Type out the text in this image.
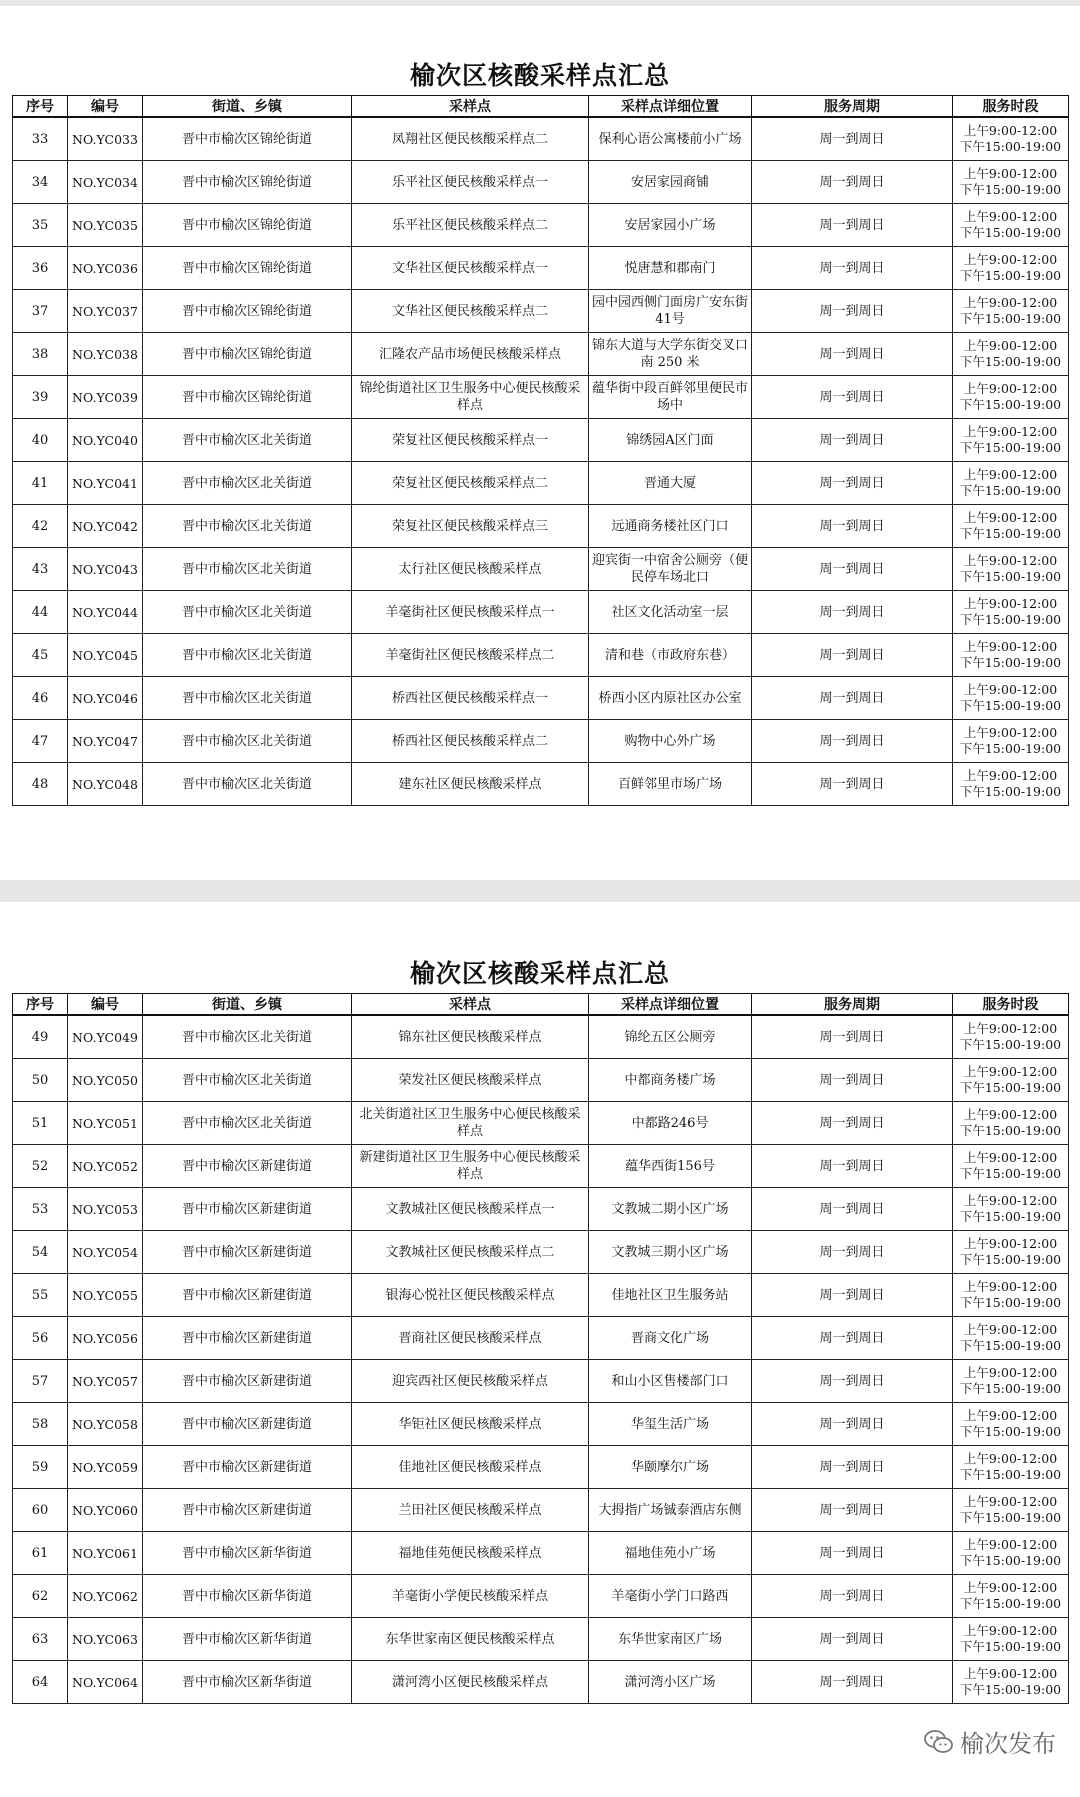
榆次区核酸采样点汇总
序号	编号	街道、乡镇	采样点	采样点详细位置	服务周期	服务时段
33	NO.YC033	晋中市榆次区锦纶街道	凤翔社区便民核酸采样点二	保利心语公寓楼前小广场	周一到周日	上午9:00-12:00
下午15:00-19:00

34	NO.YC034	晋中市榆次区锦纶街道	乐平社区便民核酸采样点一	安居家园商铺	周一到周日	上午9:00-12:00
下午15:00-19:00

35	NO.YC035	晋中市榆次区锦纶街道	乐平社区便民核酸采样点二	安居家园小广场	周一到周日	上午9:00-12:00
下午15:00-19:00

36	NO.YC036	晋中市榆次区锦纶街道	文华社区便民核酸采样点一	悦唐慧和郡南门	周一到周日	上午9:00-12:00
下午15:00-19:00

37	NO.YC037	晋中市榆次区锦纶街道	文华社区便民核酸采样点二	园中园西侧门面房广安东街41号	周一到周日	上午9:00-12:00
下午15:00-19:00

38	NO.YC038	晋中市榆次区锦纶街道	汇隆农产品市场便民核酸采样点	锦东大道与大学东街交叉口 南 250 米	周一到周日	上午9:00-12:00
下午15:00-19:00

39	NO.YC039	晋中市榆次区锦纶街道	锦纶街道社区卫生服务中心便民核酸采样点	蕴华街中段百鲜邻里便民市场中	周一到周日	上午9:00-12:00
下午15:00-19:00

40	NO.YC040	晋中市榆次区北关街道	荣复社区便民核酸采样点一	锦绣园A区门面	周一到周日	上午9:00-12:00
下午15:00-19:00

41	NO.YC041	晋中市榆次区北关街道	荣复社区便民核酸采样点二	晋通大厦	周一到周日	上午9:00-12:00
下午15:00-19:00

42	NO.YC042	晋中市榆次区北关街道	荣复社区便民核酸采样点三	远通商务楼社区门口	周一到周日	上午9:00-12:00
下午15:00-19:00

43	NO.YC043	晋中市榆次区北关街道	太行社区便民核酸采样点	迎宾街一中宿舍公厕旁（便民停车场北口	周一到周日	上午9:00-12:00
下午15:00-19:00

44	NO.YC044	晋中市榆次区北关街道	羊毫街社区便民核酸采样点一	社区文化活动室一层	周一到周日	上午9:00-12:00
下午15:00-19:00

45	NO.YC045	晋中市榆次区北关街道	羊毫街社区便民核酸采样点二	清和巷（市政府东巷）	周一到周日	上午9:00-12:00
下午15:00-19:00

46	NO.YC046	晋中市榆次区北关街道	桥西社区便民核酸采样点一	桥西小区内原社区办公室	周一到周日	上午9:00-12:00
下午15:00-19:00

47	NO.YC047	晋中市榆次区北关街道	桥西社区便民核酸采样点二	购物中心外广场	周一到周日	上午9:00-12:00
下午15:00-19:00

48	NO.YC048	晋中市榆次区北关街道	建东社区便民核酸采样点	百鲜邻里市场广场	周一到周日	上午9:00-12:00
下午15:00-19:00
榆次区核酸采样点汇总
序号	编号	街道、乡镇	采样点	采样点详细位置	服务周期	服务时段
49	NO.YC049	晋中市榆次区北关街道	锦东社区便民核酸采样点	锦纶五区公厕旁	周一到周日	上午9:00-12:00
下午15:00-19:00

50	NO.YC050	晋中市榆次区北关街道	荣发社区便民核酸采样点	中都商务楼广场	周一到周日	上午9:00-12:00
下午15:00-19:00

51	NO.YC051	晋中市榆次区北关街道	北关街道社区卫生服务中心便民核酸采样点	中都路246号	周一到周日	上午9:00-12:00
下午15:00-19:00

52	NO.YC052	晋中市榆次区新建街道	新建街道社区卫生服务中心便民核酸采样点	蕴华西街156号	周一到周日	上午9:00-12:00
下午15:00-19:00

53	NO.YC053	晋中市榆次区新建街道	文教城社区便民核酸采样点一	文教城二期小区广场	周一到周日	上午9:00-12:00
下午15:00-19:00

54	NO.YC054	晋中市榆次区新建街道	文教城社区便民核酸采样点二	文教城三期小区广场	周一到周日	上午9:00-12:00
下午15:00-19:00

55	NO.YC055	晋中市榆次区新建街道	银海心悦社区便民核酸采样点	佳地社区卫生服务站	周一到周日	上午9:00-12:00
下午15:00-19:00

56	NO.YC056	晋中市榆次区新建街道	晋商社区便民核酸采样点	晋商文化广场	周一到周日	上午9:00-12:00
下午15:00-19:00

57	NO.YC057	晋中市榆次区新建街道	迎宾西社区便民核酸采样点	和山小区售楼部门口	周一到周日	上午9:00-12:00
下午15:00-19:00

58	NO.YC058	晋中市榆次区新建街道	华钜社区便民核酸采样点	华玺生活广场	周一到周日	上午9:00-12:00
下午15:00-19:00

59	NO.YC059	晋中市榆次区新建街道	佳地社区便民核酸采样点	华颐摩尔广场	周一到周日	上午9:00-12:00
下午15:00-19:00

60	NO.YC060	晋中市榆次区新建街道	兰田社区便民核酸采样点	大拇指广场铖泰酒店东侧	周一到周日	上午9:00-12:00
下午15:00-19:00

61	NO.YC061	晋中市榆次区新华街道	福地佳苑便民核酸采样点	福地佳苑小广场	周一到周日	上午9:00-12:00
下午15:00-19:00

62	NO.YC062	晋中市榆次区新华街道	羊毫街小学便民核酸采样点	羊毫街小学门口路西	周一到周日	上午9:00-12:00
下午15:00-19:00

63	NO.YC063	晋中市榆次区新华街道	东华世家南区便民核酸采样点	东华世家南区广场	周一到周日	上午9:00-12:00
下午15:00-19:00

64	NO.YC064	晋中市榆次区新华街道	潇河湾小区便民核酸采样点	潇河湾小区广场	周一到周日	上午9:00-12:00
下午15:00-19:00
榆次发布
